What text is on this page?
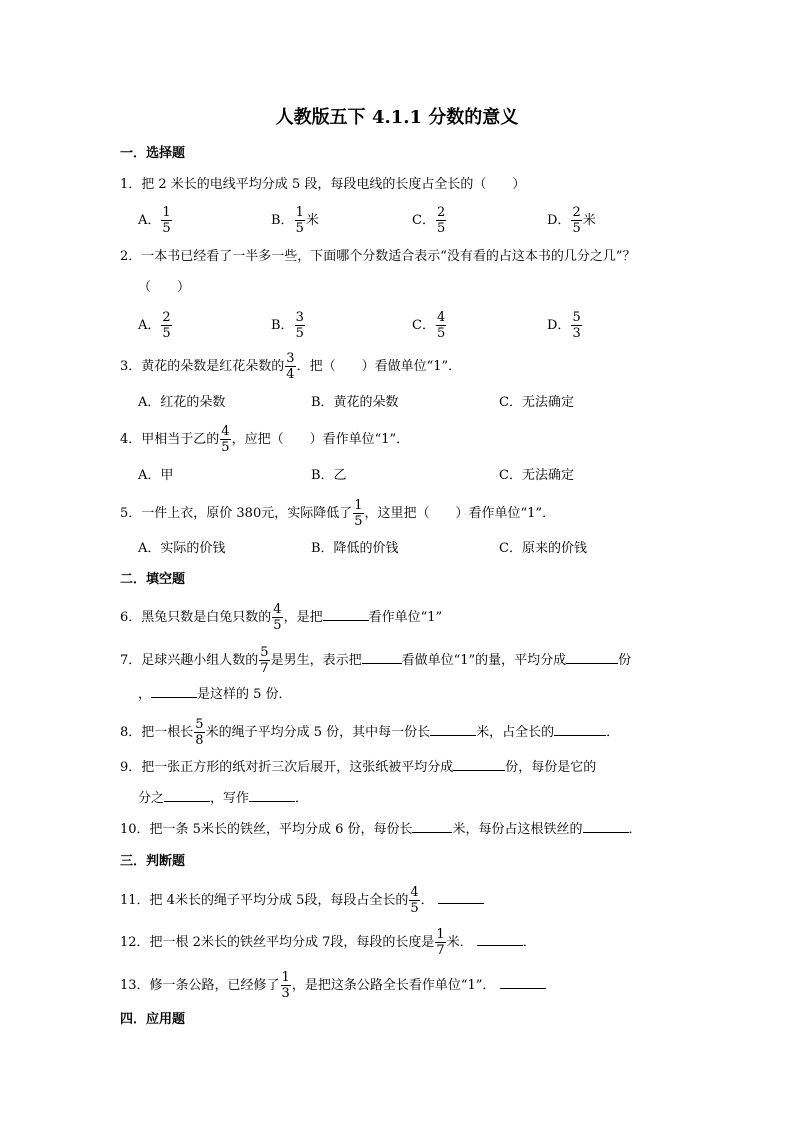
人教版五下 4.1.1 分数的意义
一．选择题
1．把 2 米长的电线平均分成 5 段，每段电线的长度占全长的（　　）
A． $\frac{1}{5}$	B． $\frac{1}{5}$ 米	C． $\frac{2}{5}$	D． $\frac{2}{5}$ 米
2．一本书已经看了一半多一些，下面哪个分数适合表示“没有看的占这本书的几分之几”？
（　　）
A． $\frac{2}{5}$	B． $\frac{3}{5}$	C． $\frac{4}{5}$	D． $\frac{5}{3}$
3．黄花的朵数是红花朵数的 $\frac{3}{4}$ ．把（　　）看做单位“1”．
A．红花的朵数	B．黄花的朵数	C．无法确定
4．甲相当于乙的 $\frac{4}{5}$ ，应把（　　）看作单位“1”．
A．甲	B．乙	C．无法确定
5．一件上衣，原价 380元，实际降低了 $\frac{1}{5}$ ，这里把（　　）看作单位“1”．
A．实际的价钱	B．降低的价钱	C．原来的价钱
二．填空题
6．黑兔只数是白兔只数的 $\frac{4}{5}$ ，是把	看作单位“1”
7．足球兴趣小组人数的 $\frac{5}{7}$ 是男生，表示把	看做单位“1”的量，平均分成	份
，	是这样的 5 份．
8．把一根长 $\frac{5}{8}$ 米的绳子平均分成 5 份，其中每一份长	米，占全长的	．
9．把一张正方形的纸对折三次后展开，这张纸被平均分成	份，每份是它的
分之	，写作	．
10．把一条 5米长的铁丝，平均分成 6 份，每份长	米，每份占这根铁丝的	．
三．判断题
11．把 4米长的绳子平均分成 5段，每段占全长的 $\frac{4}{5}$ ．
12．把一根 2米长的铁丝平均分成 7段，每段的长度是 $\frac{1}{7}$ 米．	．
13．修一条公路，已经修了 $\frac{1}{3}$ ，是把这条公路全长看作单位“1”．
四．应用题
